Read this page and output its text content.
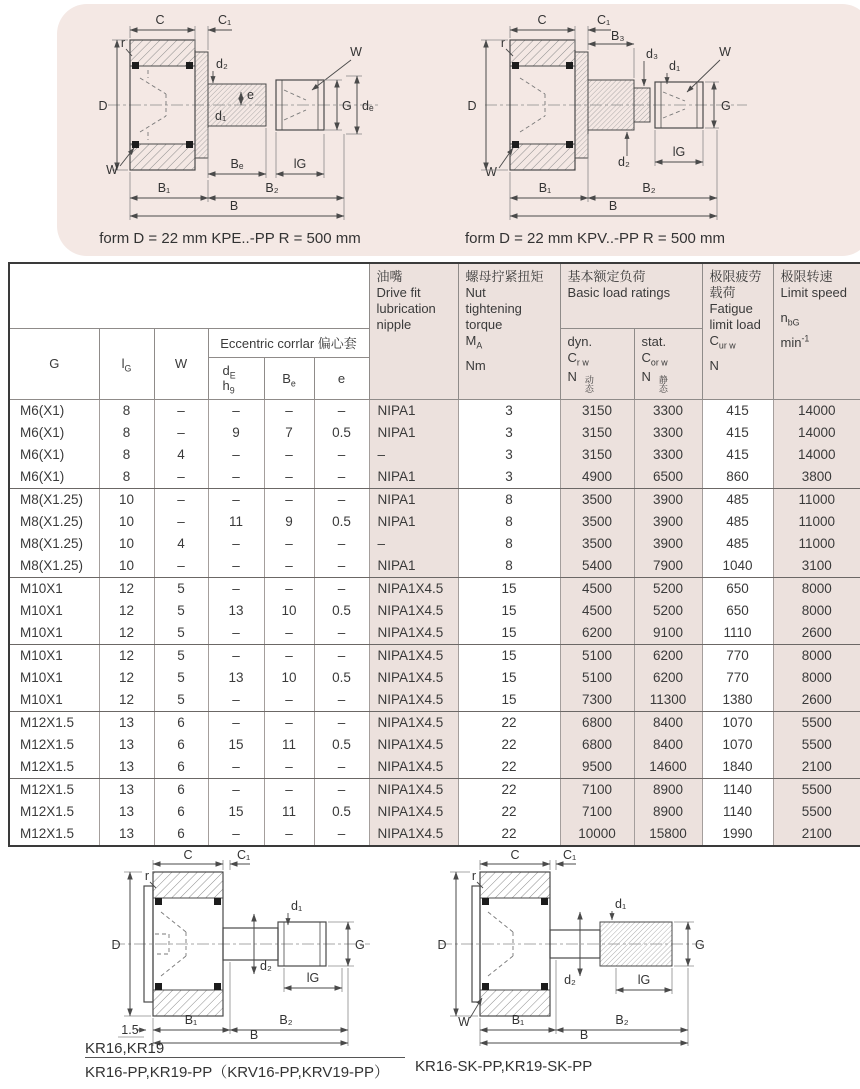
C	C₁
D
r
W
W
d₂
e
d₁
G dₑ
Bₑ	lG
B₁	B₂
B
form D = 22 mm KPE..-PP R = 500 mm
C	C₁
B₃
d₃
d₁
r
W
W
D
d₂
G
lG
B₁	B₂
B
form D = 22 mm KPV..-PP R = 500 mm

油嘴
Drive fit
lubrication
nipple

螺母拧紧扭矩
Nut
tightening
torque
$M_A$
Nm

基本额定负荷
Basic load ratings

极限疲劳
载荷
Fatigue
limit load
$C_{ur w}$
N

极限转速
Limit speed
$n_{bG}$
$\min^{-1}$

G	$l_G$	W	Eccentric corrlar 偏心套	dyn.
$C_{r w}$
N 动
态

stat.
$C_{or w}$
N 静
态

			$d_E$
$h_9$	$B_e$	e						
M6(X1)	8	–	–	–	–	NIPA1	3	3150	3300	415	14000
M6(X1)	8	–	9	7	0.5	NIPA1	3	3150	3300	415	14000
M6(X1)	8	4	–	–	–	–	3	3150	3300	415	14000
M6(X1)	8	–	–	–	–	NIPA1	3	4900	6500	860	3800
M8(X1.25)	10	–	–	–	–	NIPA1	8	3500	3900	485	11000
M8(X1.25)	10	–	11	9	0.5	NIPA1	8	3500	3900	485	11000
M8(X1.25)	10	4	–	–	–	–	8	3500	3900	485	11000
M8(X1.25)	10	–	–	–	–	NIPA1	8	5400	7900	1040	3100
M10X1	12	5	–	–	–	NIPA1X4.5	15	4500	5200	650	8000
M10X1	12	5	13	10	0.5	NIPA1X4.5	15	4500	5200	650	8000
M10X1	12	5	–	–	–	NIPA1X4.5	15	6200	9100	1110	2600
M10X1	12	5	–	–	–	NIPA1X4.5	15	5100	6200	770	8000
M10X1	12	5	13	10	0.5	NIPA1X4.5	15	5100	6200	770	8000
M10X1	12	5	–	–	–	NIPA1X4.5	15	7300	11300	1380	2600
M12X1.5	13	6	–	–	–	NIPA1X4.5	22	6800	8400	1070	5500
M12X1.5	13	6	15	11	0.5	NIPA1X4.5	22	6800	8400	1070	5500
M12X1.5	13	6	–	–	–	NIPA1X4.5	22	9500	14600	1840	2100
M12X1.5	13	6	–	–	–	NIPA1X4.5	22	7100	8900	1140	5500
M12X1.5	13	6	15	11	0.5	NIPA1X4.5	22	7100	8900	1140	5500
M12X1.5	13	6	–	–	–	NIPA1X4.5	22	10000	15800	1990	2100
C	C₁
r
d₁
D
d₂
G
lG
1.5
B₁	B₂
B
KR16,KR19
KR16-PP,KR19-PP（KRV16-PP,KRV19-PP）
C	C₁
r
d₁
D
W
d₂
G
lG
B₁	B₂
B
KR16-SK-PP,KR19-SK-PP
